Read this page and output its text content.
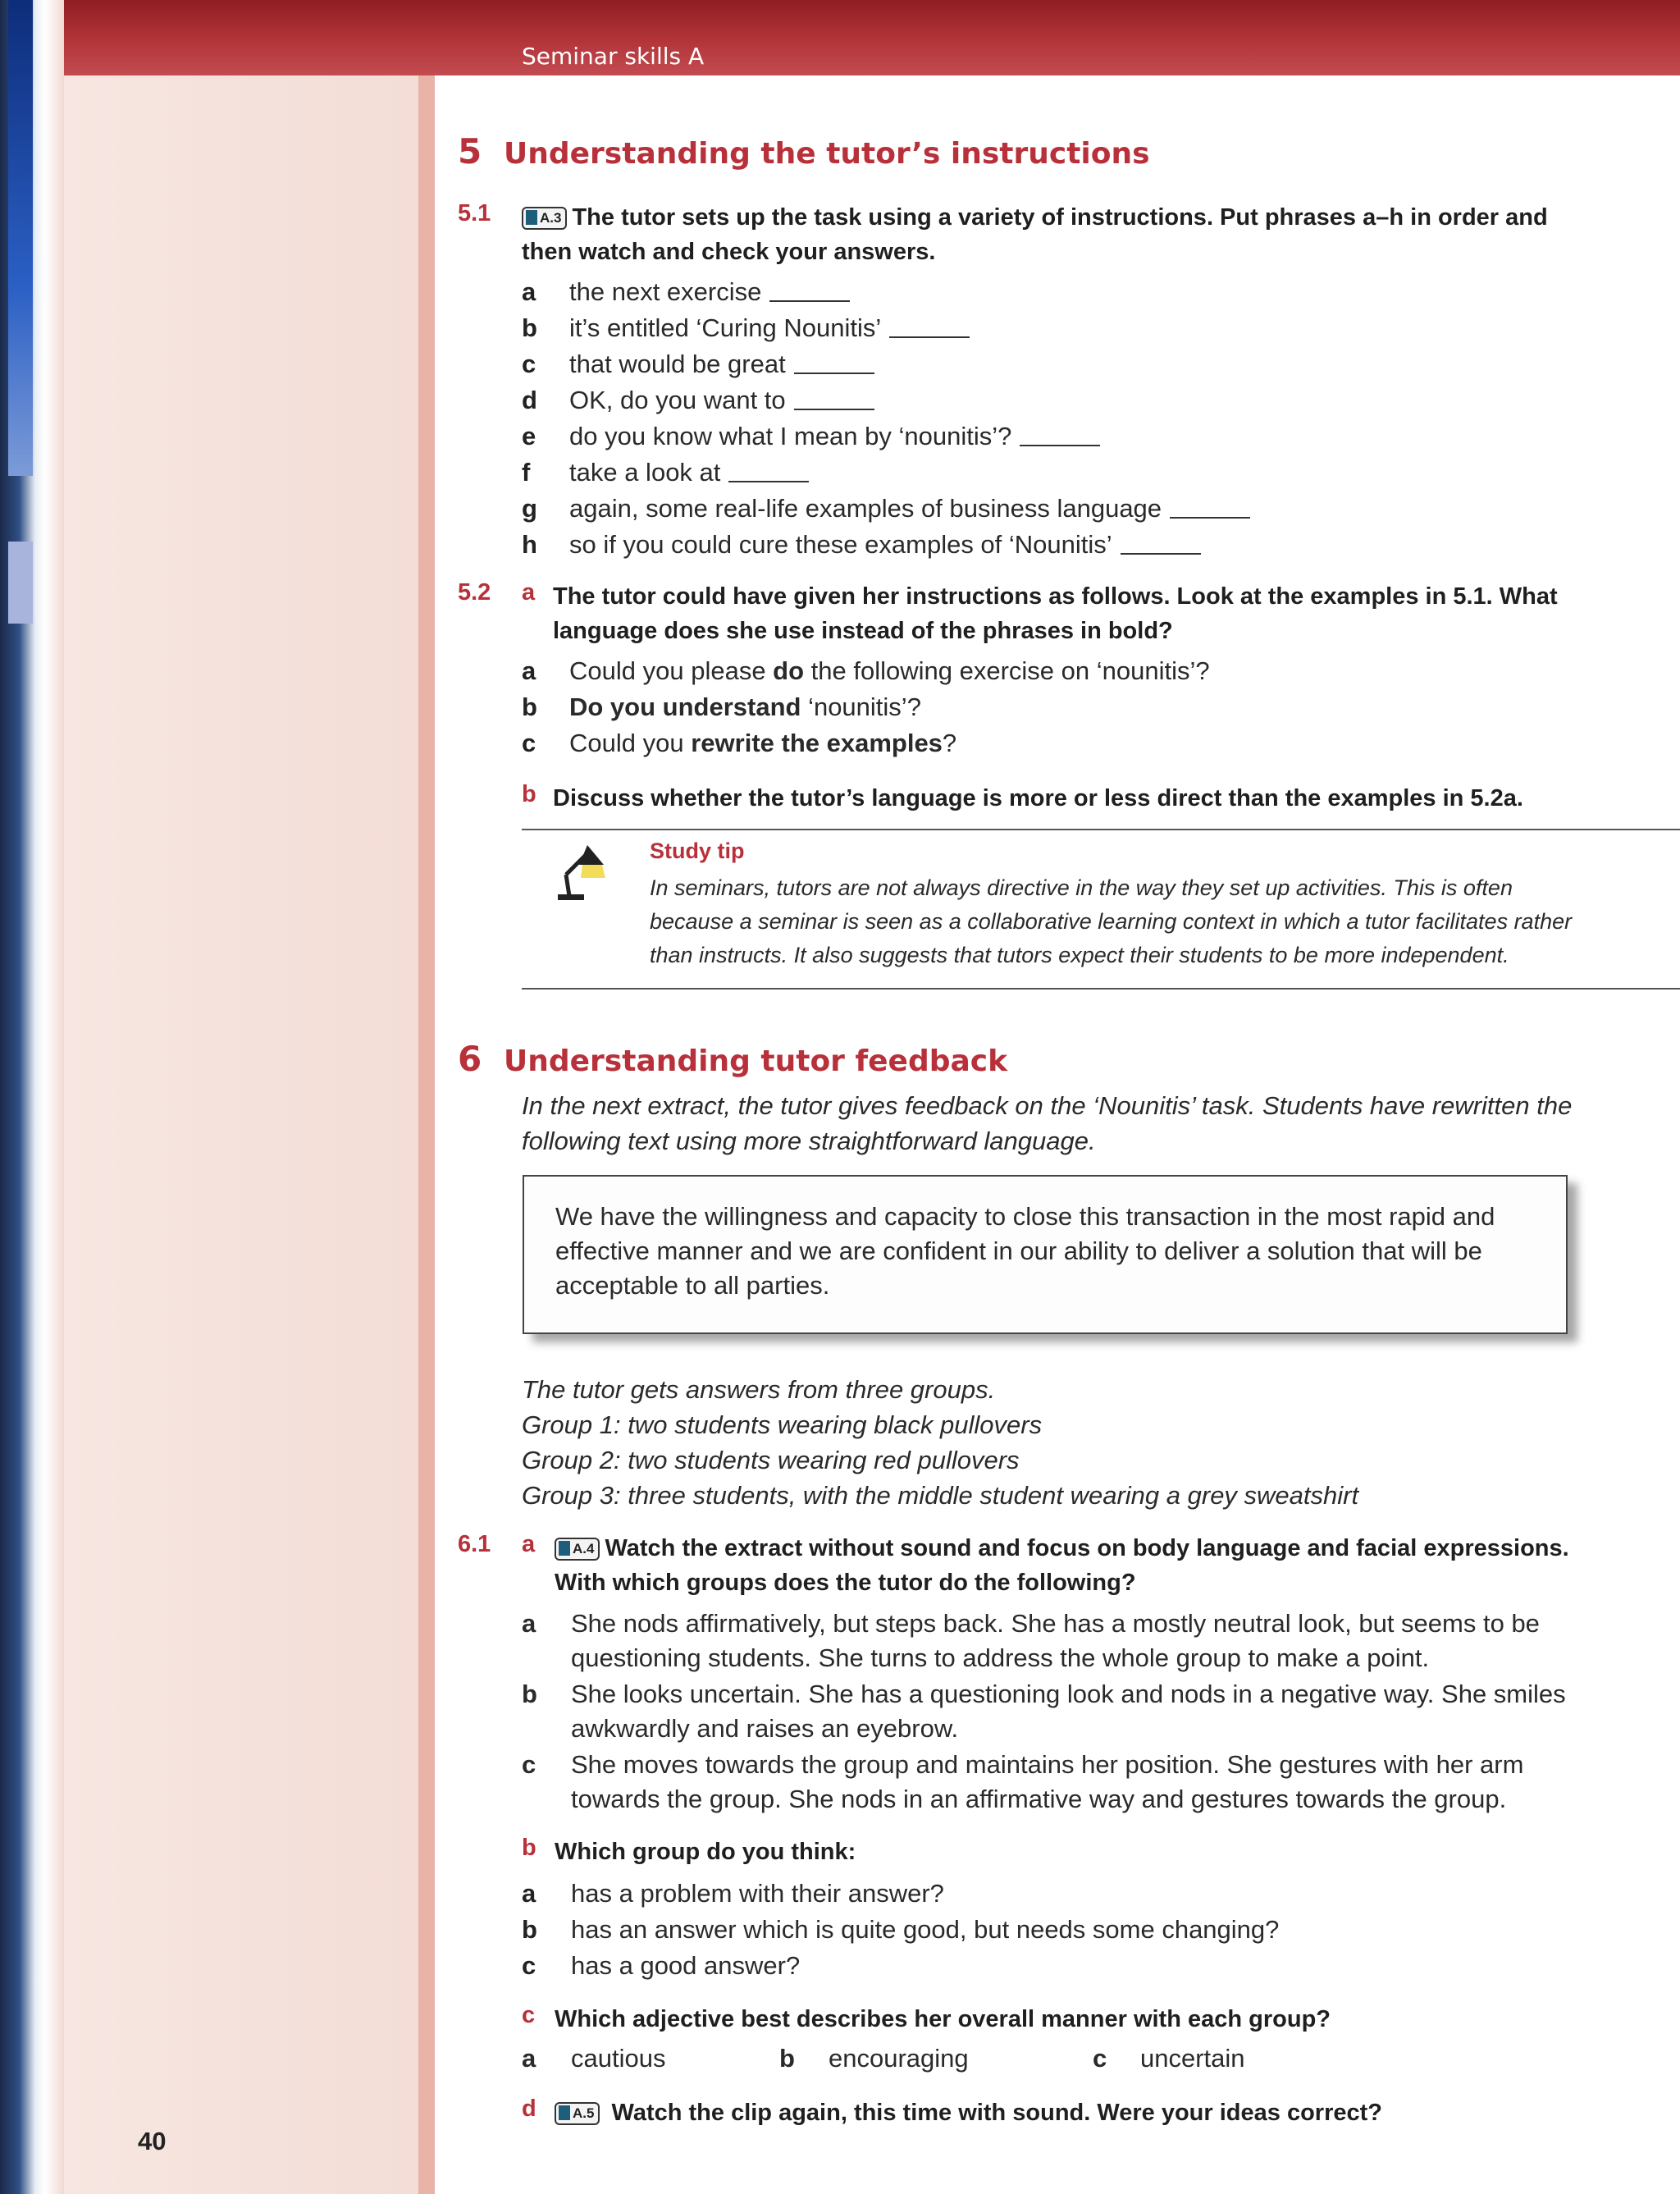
Seminar skills A
40
5 Understanding the tutor’s instructions
5.1	A.3 The tutor sets up the task using a variety of instructions. Put phrases a–h in order and
then watch and check your answers.
a	the next exercise
b	it’s entitled ‘Curing Nounitis’
c	that would be great
d	OK, do you want to
e	do you know what I mean by ‘nounitis’?
f	take a look at
g	again, some real-life examples of business language
h	so if you could cure these examples of ‘Nounitis’
5.2 a The tutor could have given her instructions as follows. Look at the examples in 5.1. What
language does she use instead of the phrases in bold?
a	Could you please do the following exercise on ‘nounitis’?
b	Do you understand ‘nounitis’?
c	Could you rewrite the examples?
b Discuss whether the tutor’s language is more or less direct than the examples in 5.2a.
Study tip
In seminars, tutors are not always directive in the way they set up activities. This is often
because a seminar is seen as a collaborative learning context in which a tutor facilitates rather
than instructs. It also suggests that tutors expect their students to be more independent.
6 Understanding tutor feedback
In the next extract, the tutor gives feedback on the ‘Nounitis’ task. Students have rewritten the
following text using more straightforward language.
We have the willingness and capacity to close this transaction in the most rapid and effective manner and we are confident in our ability to deliver a solution that will be acceptable to all parties.
The tutor gets answers from three groups.
Group 1: two students wearing black pullovers
Group 2: two students wearing red pullovers
Group 3: three students, with the middle student wearing a grey sweatshirt
6.1 a	A.4 Watch the extract without sound and focus on body language and facial expressions.
With which groups does the tutor do the following?
a She nods affirmatively, but steps back. She has a mostly neutral look, but seems to be
questioning students. She turns to address the whole group to make a point.
b She looks uncertain. She has a questioning look and nods in a negative way. She smiles
awkwardly and raises an eyebrow.
c She moves towards the group and maintains her position. She gestures with her arm
towards the group. She nods in an affirmative way and gestures towards the group.
b Which group do you think:
a	has a problem with their answer?
b	has an answer which is quite good, but needs some changing?
c	has a good answer?
c Which adjective best describes her overall manner with each group?
a cautious	b encouraging	c uncertain
d	A.5 Watch the clip again, this time with sound. Were your ideas correct?
